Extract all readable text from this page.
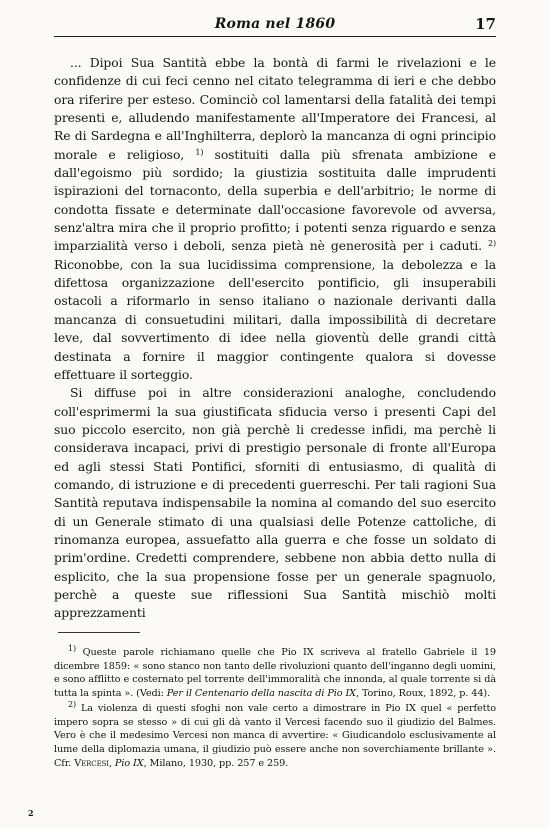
Roma nel 1860	17

... Dipoi Sua Santità ebbe la bontà di farmi le rivelazioni e le confidenze di cui feci cenno nel citato telegramma di ieri e che debbo ora riferire per esteso. Cominciò col lamentarsi della fatalità dei tempi presenti e, alludendo manifestamente all'Imperatore dei Francesi, al Re di Sardegna e all'Inghilterra, deplorò la mancanza di ogni principio morale e religioso, $^{1)}$ sostituiti dalla più sfrenata ambizione e dall'egoismo più sordido; la giustizia sostituita dalle imprudenti ispirazioni del tornaconto, della superbia e dell'arbitrio; le norme di condotta fissate e determinate dall'occasione favorevole od avversa, senz'altra mira che il proprio profitto; i potenti senza riguardo e senza imparzialità verso i deboli, senza pietà nè generosità per i caduti. $^{2)}$ Riconobbe, con la sua lucidissima comprensione, la debolezza e la difettosa organizzazione dell'esercito pontificio, gli insuperabili ostacoli a riformarlo in senso italiano o nazionale derivanti dalla mancanza di consuetudini militari, dalla impossibilità di decretare leve, dal sovvertimento di idee nella gioventù delle grandi città destinata a fornire il maggior contingente qualora si dovesse effettuare il sorteggio.

Si diffuse poi in altre considerazioni analoghe, concludendo coll'esprimermi la sua giustificata sfiducia verso i presenti Capi del suo piccolo esercito, non già perchè li credesse infidi, ma perchè li considerava incapaci, privi di prestigio personale di fronte all'Europa ed agli stessi Stati Pontifici, sforniti di entusiasmo, di qualità di comando, di istruzione e di precedenti guerreschi. Per tali ragioni Sua Santità reputava indispensabile la nomina al comando del suo esercito di un Generale stimato di una qualsiasi delle Potenze cattoliche, di rinomanza europea, assuefatto alla guerra e che fosse un soldato di prim'ordine. Credetti comprendere, sebbene non abbia detto nulla di esplicito, che la sua propensione fosse per un generale spagnuolo, perchè a queste sue riflessioni Sua Santità mischiò molti apprezzamenti

$^{1)}$ Queste parole richiamano quelle che Pio IX scriveva al fratello Gabriele il 19 dicembre 1859: « sono stanco non tanto delle rivoluzioni quanto dell'inganno degli uomini, e sono afflitto e costernato pel torrente dell'immoralità che innonda, al quale torrente si dà tutta la spinta ». (Vedi: Per il Centenario della nascita di Pio IX, Torino, Roux, 1892, p. 44).

$^{2)}$ La violenza di questi sfoghi non vale certo a dimostrare in Pio IX quel « perfetto impero sopra se stesso » di cui gli dà vanto il Vercesi facendo suo il giudizio del Balmes. Vero è che il medesimo Vercesi non manca di avvertire: « Giudicandolo esclusivamente al lume della diplomazia umana, il giudizio può essere anche non soverchiamente brillante ». Cfr. Vercesi, Pio IX, Milano, 1930, pp. 257 e 259.

2
